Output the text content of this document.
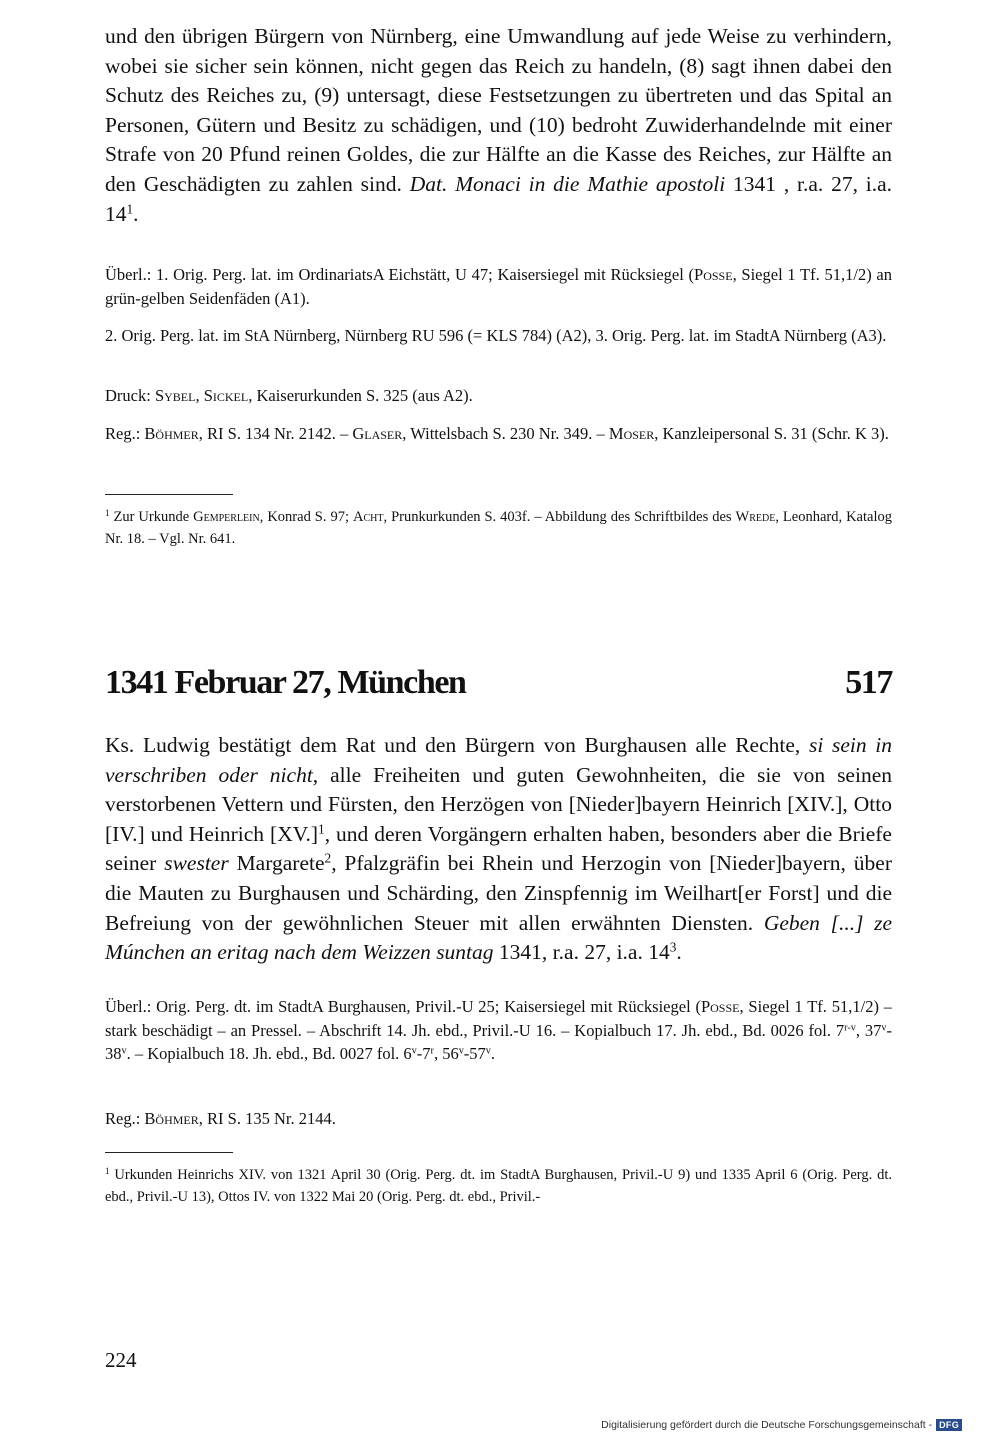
und den übrigen Bürgern von Nürnberg, eine Umwandlung auf jede Weise zu verhindern, wobei sie sicher sein können, nicht gegen das Reich zu handeln, (8) sagt ihnen dabei den Schutz des Reiches zu, (9) untersagt, diese Festsetzungen zu übertreten und das Spital an Personen, Gütern und Besitz zu schädigen, und (10) bedroht Zuwiderhandelnde mit einer Strafe von 20 Pfund reinen Goldes, die zur Hälfte an die Kasse des Reiches, zur Hälfte an den Geschädigten zu zahlen sind. Dat. Monaci in die Mathie apostoli 1341 , r.a. 27, i.a. $14^1$.

Überl.: 1. Orig. Perg. lat. im OrdinariatsA Eichstätt, U 47; Kaisersiegel mit Rücksiegel (Posse, Siegel 1 Tf. 51,1/2) an grün-gelben Seidenfäden (A1).

2. Orig. Perg. lat. im StA Nürnberg, Nürnberg RU 596 (= KLS 784) (A2), 3. Orig. Perg. lat. im StadtA Nürnberg (A3).

Druck: Sybel, Sickel, Kaiserurkunden S. 325 (aus A2).

Reg.: Böhmer, RI S. 134 Nr. 2142. – Glaser, Wittelsbach S. 230 Nr. 349. – Moser, Kanzleipersonal S. 31 (Schr. K 3).

$^1$ Zur Urkunde Gemperlein, Konrad S. 97; Acht, Prunkurkunden S. 403f. – Abbildung des Schriftbildes des Wrede, Leonhard, Katalog Nr. 18. – Vgl. Nr. 641.

1341 Februar 27, München	517

Ks. Ludwig bestätigt dem Rat und den Bürgern von Burghausen alle Rechte, si sein in verschriben oder nicht, alle Freiheiten und guten Gewohnheiten, die sie von seinen verstorbenen Vettern und Fürsten, den Herzögen von [Nieder]bayern Heinrich [XIV.], Otto [IV.] und Heinrich $[XV.]^1$, und deren Vorgängern erhalten haben, besonders aber die Briefe seiner swester Margarete$^2$, Pfalzgräfin bei Rhein und Herzogin von [Nieder]bayern, über die Mauten zu Burghausen und Schärding, den Zinspfennig im Weilhart[er Forst] und die Befreiung von der gewöhnlichen Steuer mit allen erwähnten Diensten. Geben [...] ze Múnchen an eritag nach dem Weizzen suntag 1341, r.a. 27, i.a. $14^3$.

Überl.: Orig. Perg. dt. im StadtA Burghausen, Privil.-U 25; Kaisersiegel mit Rücksiegel (Posse, Siegel 1 Tf. 51,1/2) – stark beschädigt – an Pressel. – Abschrift 14. Jh. ebd., Privil.-U 16. – Kopialbuch 17. Jh. ebd., Bd. 0026 fol. 7$^{r-v}$, 37$^v$-38$^v$. – Kopialbuch 18. Jh. ebd., Bd. 0027 fol. 6$^v$-7$^r$, 56$^v$-57$^v$.

Reg.: Böhmer, RI S. 135 Nr. 2144.

$^1$ Urkunden Heinrichs XIV. von 1321 April 30 (Orig. Perg. dt. im StadtA Burghausen, Privil.-U 9) und 1335 April 6 (Orig. Perg. dt. ebd., Privil.-U 13), Ottos IV. von 1322 Mai 20 (Orig. Perg. dt. ebd., Privil.-

224
Digitalisierung gefördert durch die Deutsche Forschungsgemeinschaft - DFG
